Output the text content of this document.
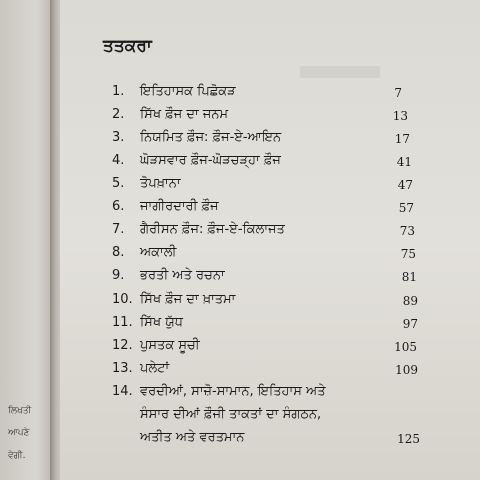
ਲਿਖਤੀ
ਆਪਣੇ
ਵੇਗੀ.
ਤਤਕਰਾ
1. ਇਤਿਹਾਸਕ ਪਿਛੋਕੜ	7
2. ਸਿੱਖ ਫ਼ੌਜ ਦਾ ਜਨਮ	13
3. ਨਿਯਮਿਤ ਫ਼ੌਜ: ਫ਼ੌਜ-ਏ-ਆਇਨ	17
4. ਘੋੜਸਵਾਰ ਫ਼ੌਜ-ਘੋੜਚੜ੍ਹਾ ਫ਼ੌਜ	41
5. ਤੋਪਖ਼ਾਨਾ	47
6. ਜਾਗੀਰਦਾਰੀ ਫ਼ੌਜ	57
7. ਗੈਰੀਸਨ ਫ਼ੌਜ: ਫ਼ੌਜ-ਏ-ਕਿਲਾਜਤ	73
8. ਅਕਾਲੀ	75
9. ਭਰਤੀ ਅਤੇ ਰਚਨਾ	81
10. ਸਿੱਖ ਫ਼ੌਜ ਦਾ ਖ਼ਾਤਮਾ	89
11. ਸਿੱਖ ਯੁੱਧ	97
12. ਪੁਸਤਕ ਸੂਚੀ	105
13. ਪਲੇਟਾਂ	109
14. ਵਰਦੀਆਂ, ਸਾਜ਼ੋ-ਸਾਮਾਨ, ਇਤਿਹਾਸ ਅਤੇ
ਸੰਸਾਰ ਦੀਆਂ ਫ਼ੌਜੀ ਤਾਕਤਾਂ ਦਾ ਸੰਗਠਨ,
ਅਤੀਤ ਅਤੇ ਵਰਤਮਾਨ	125
